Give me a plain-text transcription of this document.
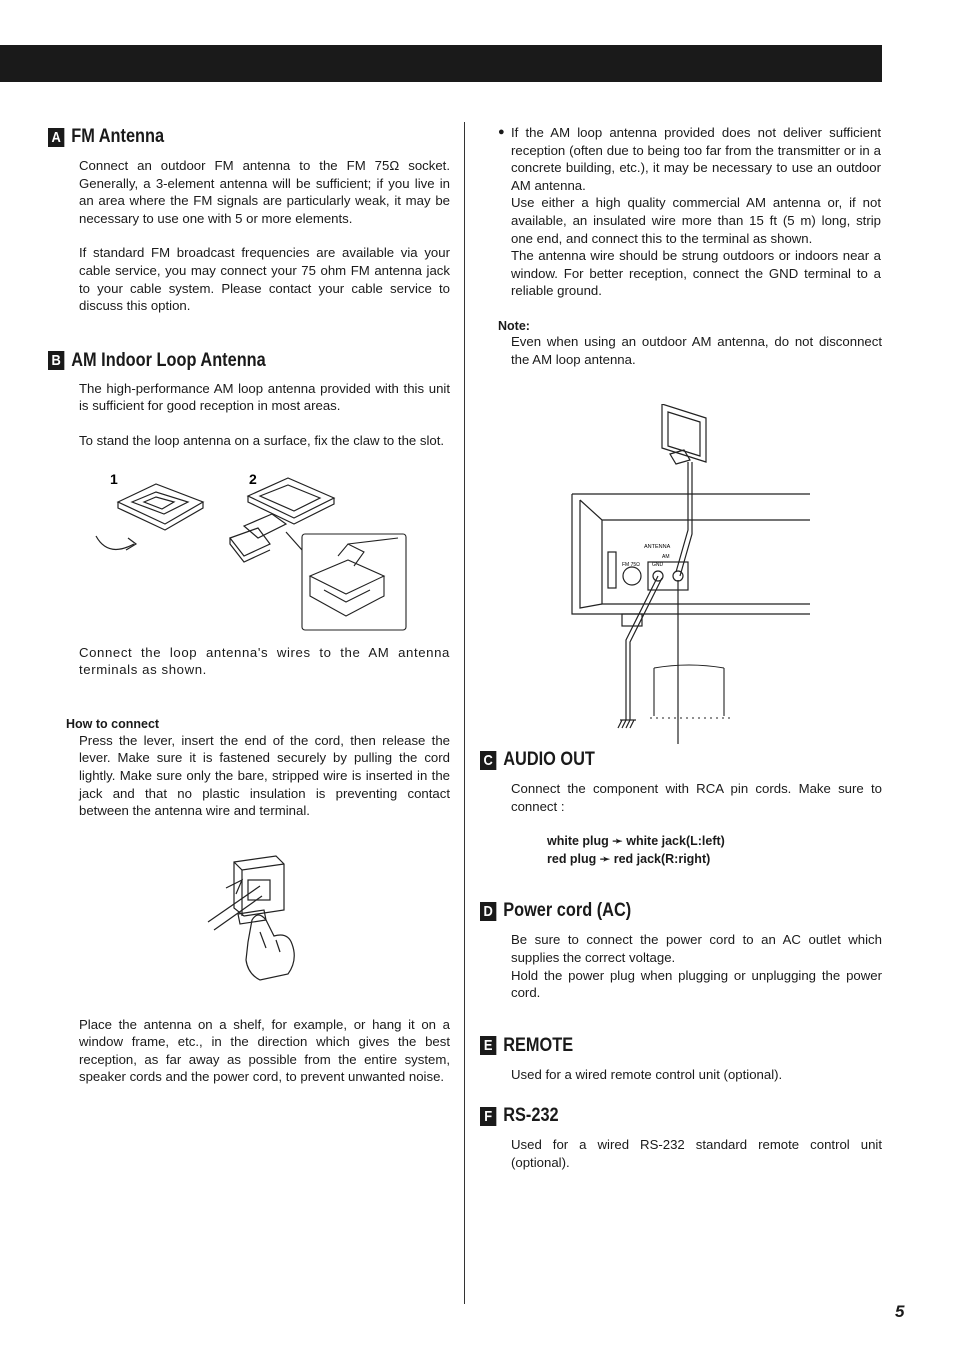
A FM Antenna

Connect an outdoor FM antenna to the FM 75Ω socket. Generally, a 3-element antenna will be sufficient; if you live in an area where the FM signals are particularly weak, it may be necessary to use one with 5 or more elements.

If standard FM broadcast frequencies are available via your cable service, you may connect your 75 ohm FM antenna jack to your cable system. Please contact your cable service to discuss this option.

B AM Indoor Loop Antenna

The high-performance AM loop antenna provided with this unit is sufficient for good reception in most areas.

To stand the loop antenna on a surface, fix the claw to the slot.

1	2

Connect the loop antenna's wires to the AM antenna terminals as shown.

How to connect

Press the lever, insert the end of the cord, then release the lever. Make sure it is fastened securely by pulling the cord lightly. Make sure only the bare, stripped wire is inserted in the jack and that no plastic insulation is preventing contact between the antenna wire and terminal.

Place the antenna on a shelf, for example, or hang it on a window frame, etc., in the direction which gives the best reception, as far away as possible from the entire system, speaker cords and the power cord, to prevent unwanted noise.

● If the AM loop antenna provided does not deliver sufficient reception (often due to being too far from the transmitter or in a concrete building, etc.), it may be necessary to use an outdoor AM antenna.

Use either a high quality commercial AM antenna or, if not available, an insulated wire more than 15 ft (5 m) long, strip one end, and connect this to the terminal as shown.

The antenna wire should be strung outdoors or indoors near a window. For better reception, connect the GND terminal to a reliable ground.

Note:

Even when using an outdoor AM antenna, do not disconnect the AM loop antenna.

ANTENNA
AM
FM 75Ω GND
C AUDIO OUT

Connect the component with RCA pin cords. Make sure to connect :

white plug ➛ white jack(L:left)
red plug ➛ red jack(R:right)
D Power cord (AC)

Be sure to connect the power cord to an AC outlet which supplies the correct voltage.

Hold the power plug when plugging or unplugging the power cord.

E REMOTE

Used for a wired remote control unit (optional).

F RS-232

Used for a wired RS-232 standard remote control unit (optional).

5
